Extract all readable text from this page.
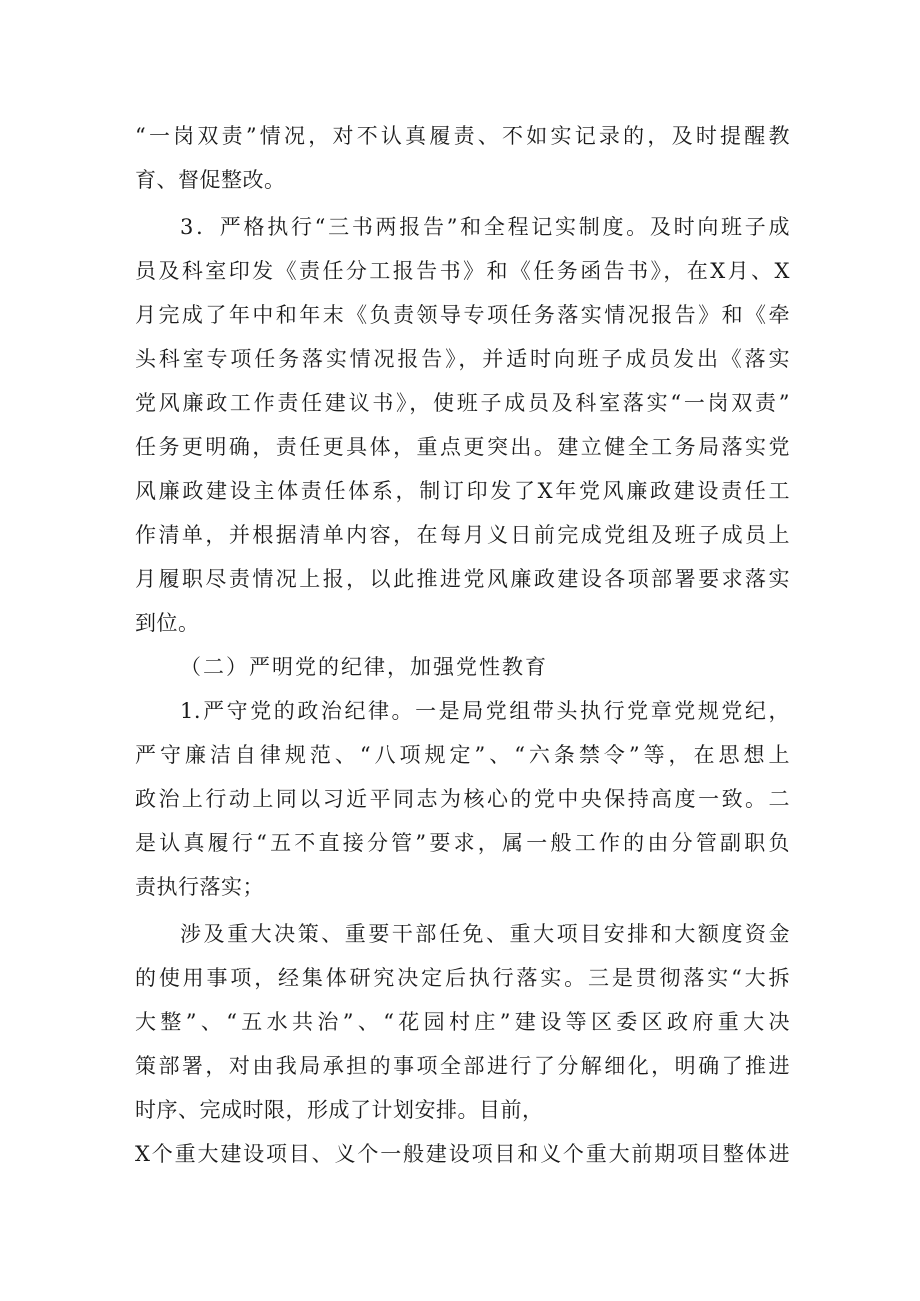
“一岗双责”情况，对不认真履责、不如实记录的，及时提醒教
育、督促整改。
3．严格执行“三书两报告”和全程记实制度。及时向班子成
员及科室印发《责任分工报告书》和《任务函告书》，在X月、X
月完成了年中和年末《负责领导专项任务落实情况报告》和《牵
头科室专项任务落实情况报告》，并适时向班子成员发出《落实
党风廉政工作责任建议书》，使班子成员及科室落实“一岗双责”
任务更明确，责任更具体，重点更突出。建立健全工务局落实党
风廉政建设主体责任体系，制订印发了X年党风廉政建设责任工
作清单，并根据清单内容，在每月义日前完成党组及班子成员上
月履职尽责情况上报，以此推进党风廉政建设各项部署要求落实
到位。
（二）严明党的纪律，加强党性教育
1.严守党的政治纪律。一是局党组带头执行党章党规党纪，
严守廉洁自律规范、“八项规定”、“六条禁令”等，在思想上
政治上行动上同以习近平同志为核心的党中央保持高度一致。二
是认真履行“五不直接分管”要求，属一般工作的由分管副职负
责执行落实；
涉及重大决策、重要干部任免、重大项目安排和大额度资金
的使用事项，经集体研究决定后执行落实。三是贯彻落实“大拆
大整”、“五水共治”、“花园村庄”建设等区委区政府重大决
策部署，对由我局承担的事项全部进行了分解细化，明确了推进
时序、完成时限，形成了计划安排。目前，
X个重大建设项目、义个一般建设项目和义个重大前期项目整体进
